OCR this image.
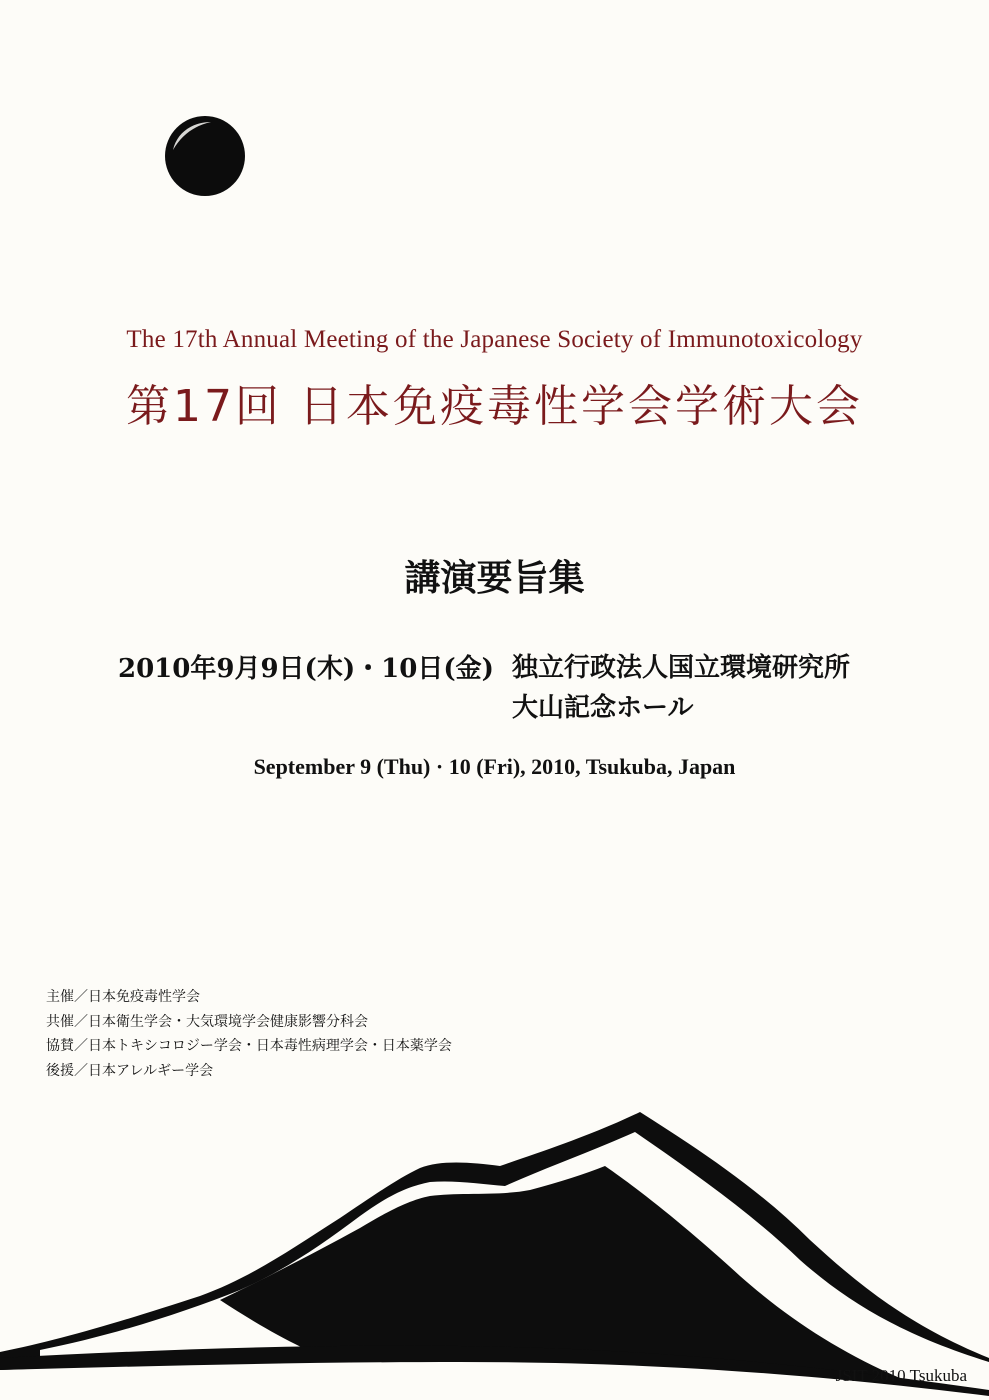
The 17th Annual Meeting of the Japanese Society of Immunotoxicology
第17回 日本免疫毒性学会学術大会
講演要旨集
2010年9月9日(木)・10日(金) 独立行政法人国立環境研究所
大山記念ホール
September 9 (Thu) · 10 (Fri), 2010, Tsukuba, Japan
主催／日本免疫毒性学会
共催／日本衛生学会・大気環境学会健康影響分科会
協賛／日本トキシコロジー学会・日本毒性病理学会・日本薬学会
後援／日本アレルギー学会
JSIT 2010 Tsukuba
